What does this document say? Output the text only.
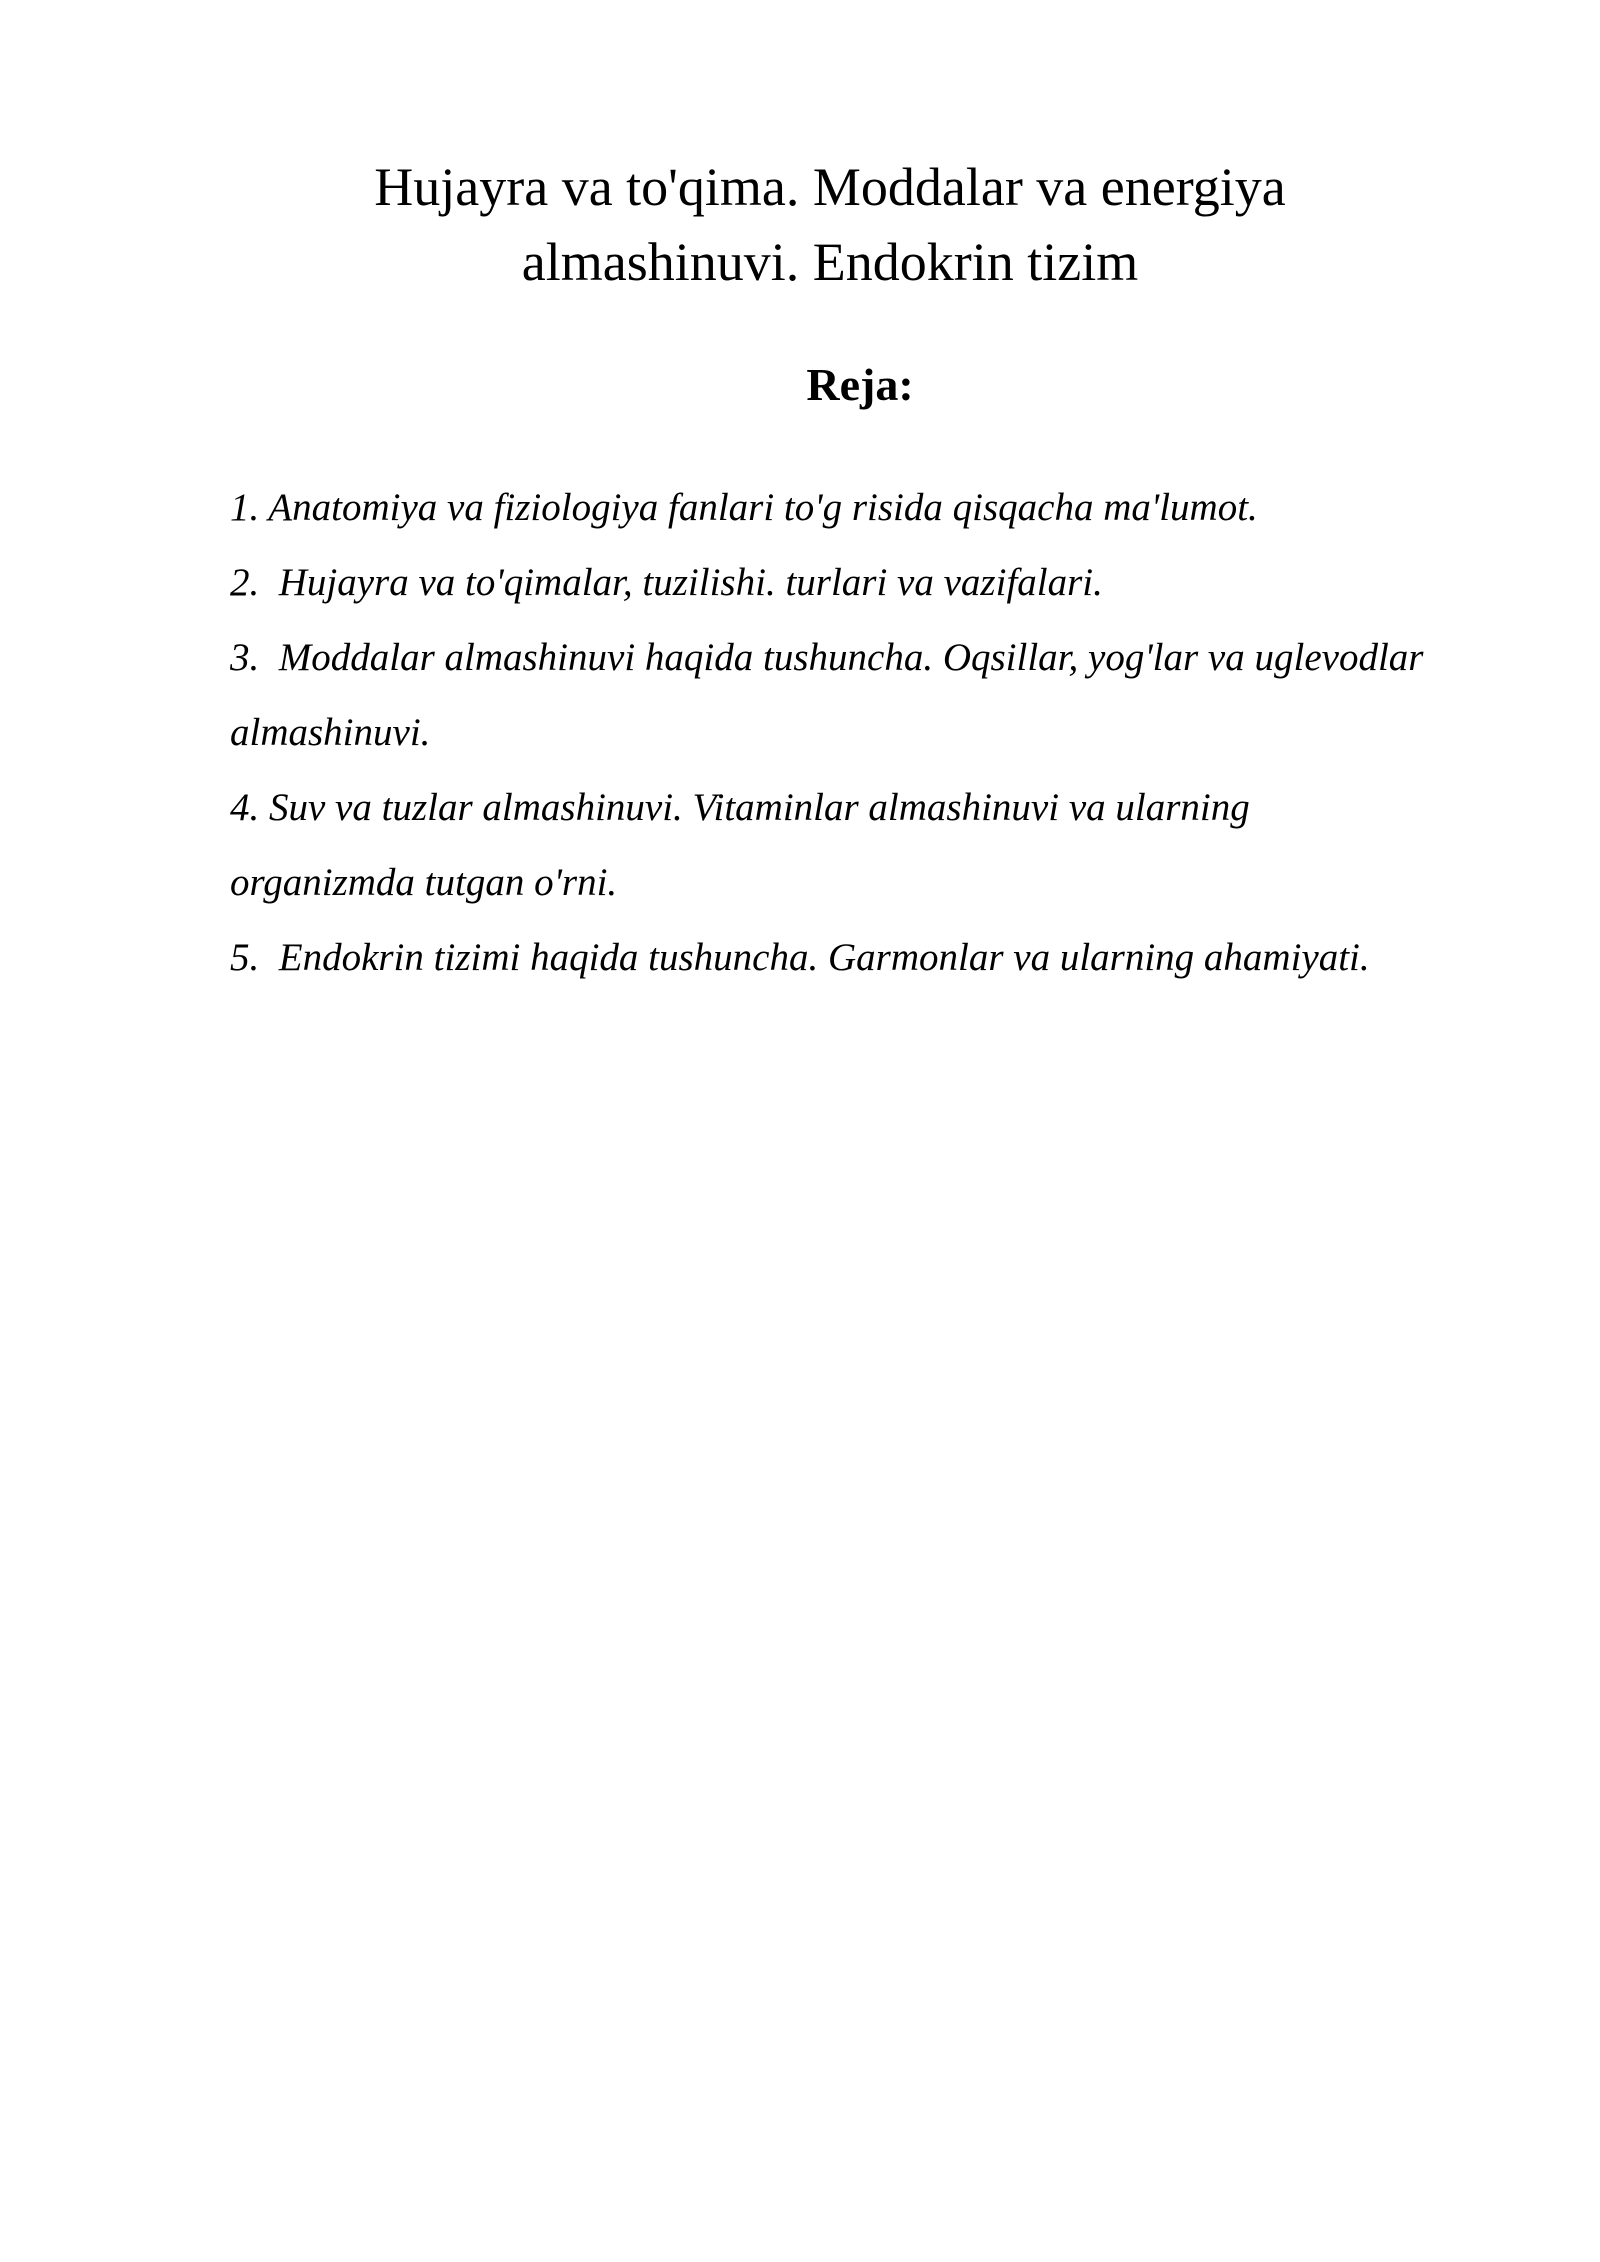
Hujayra va to'qima. Moddalar va energiya almashinuvi. Endokrin tizim
Reja:
1. Anatomiya va fiziologiya fanlari to'g risida qisqacha ma'lumot.
2. Hujayra va to'qimalar, tuzilishi. turlari va vazifalari.
3. Moddalar almashinuvi haqida tushuncha. Oqsillar, yog'lar va uglevodlar almashinuvi.
4. Suv va tuzlar almashinuvi. Vitaminlar almashinuvi va ularning organizmda tutgan o'rni.
5. Endokrin tizimi haqida tushuncha. Garmonlar va ularning ahamiyati.
